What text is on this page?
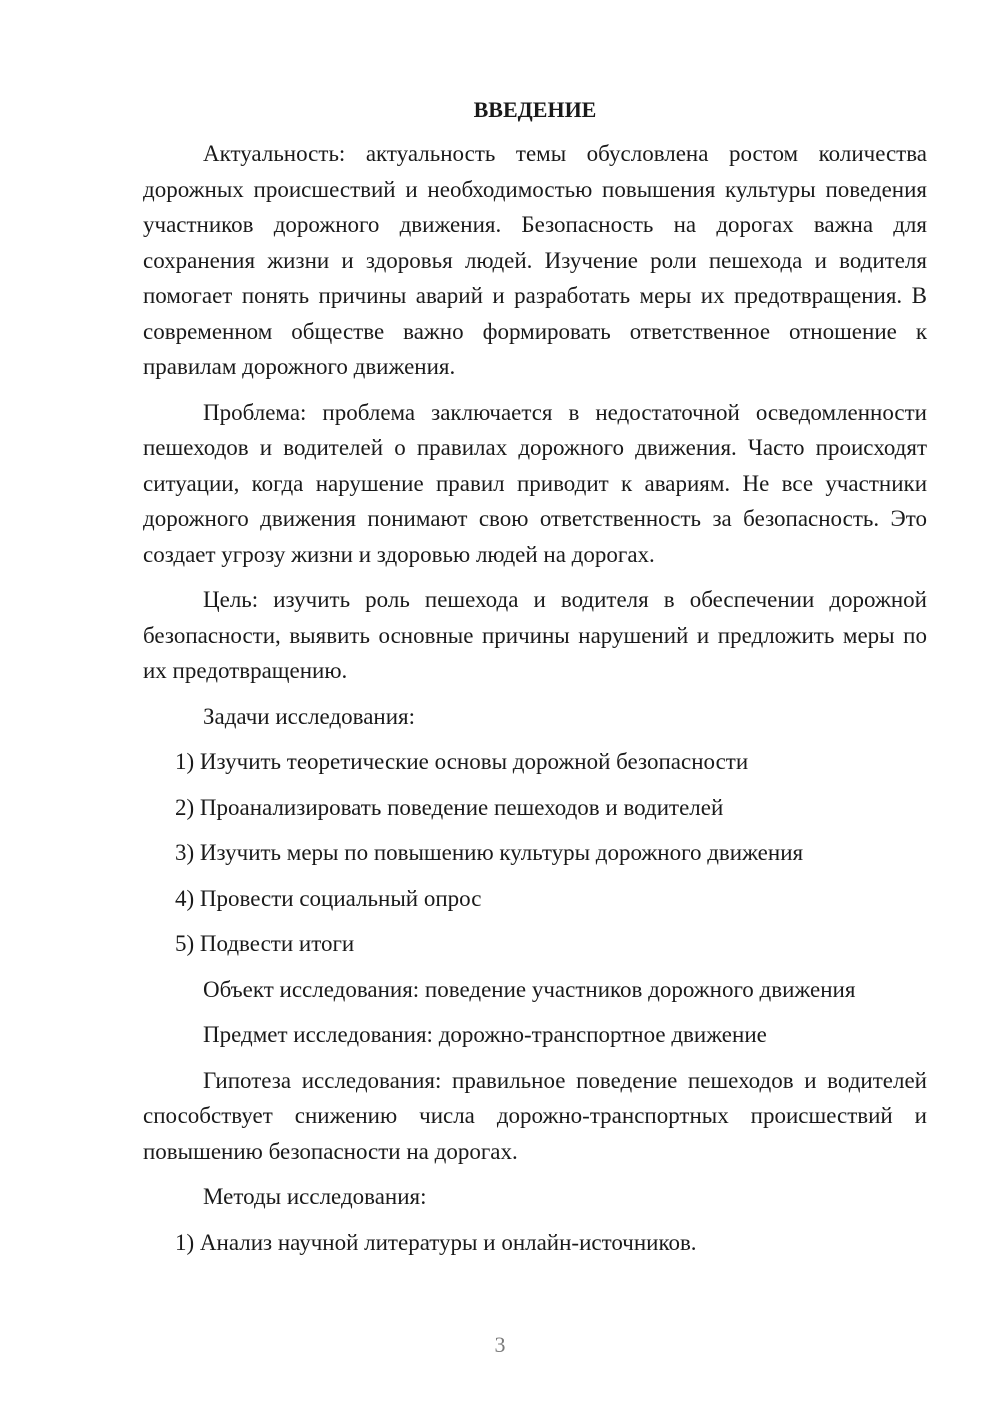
ВВЕДЕНИЕ

Актуальность: актуальность темы обусловлена ростом количества дорожных происшествий и необходимостью повышения культуры поведения участников дорожного движения. Безопасность на дорогах важна для сохранения жизни и здоровья людей. Изучение роли пешехода и водителя помогает понять причины аварий и разработать меры их предотвращения. В современном обществе важно формировать ответственное отношение к правилам дорожного движения.

Проблема: проблема заключается в недостаточной осведомленности пешеходов и водителей о правилах дорожного движения. Часто происходят ситуации, когда нарушение правил приводит к авариям. Не все участники дорожного движения понимают свою ответственность за безопасность. Это создает угрозу жизни и здоровью людей на дорогах.

Цель: изучить роль пешехода и водителя в обеспечении дорожной безопасности, выявить основные причины нарушений и предложить меры по их предотвращению.

Задачи исследования:
1) Изучить теоретические основы дорожной безопасности
2) Проанализировать поведение пешеходов и водителей
3) Изучить меры по повышению культуры дорожного движения
4) Провести социальный опрос
5) Подвести итоги
Объект исследования: поведение участников дорожного движения
Предмет исследования: дорожно-транспортное движение

Гипотеза исследования: правильное поведение пешеходов и водителей способствует снижению числа дорожно-транспортных происшествий и повышению безопасности на дорогах.

Методы исследования:
1) Анализ научной литературы и онлайн-источников.
3
